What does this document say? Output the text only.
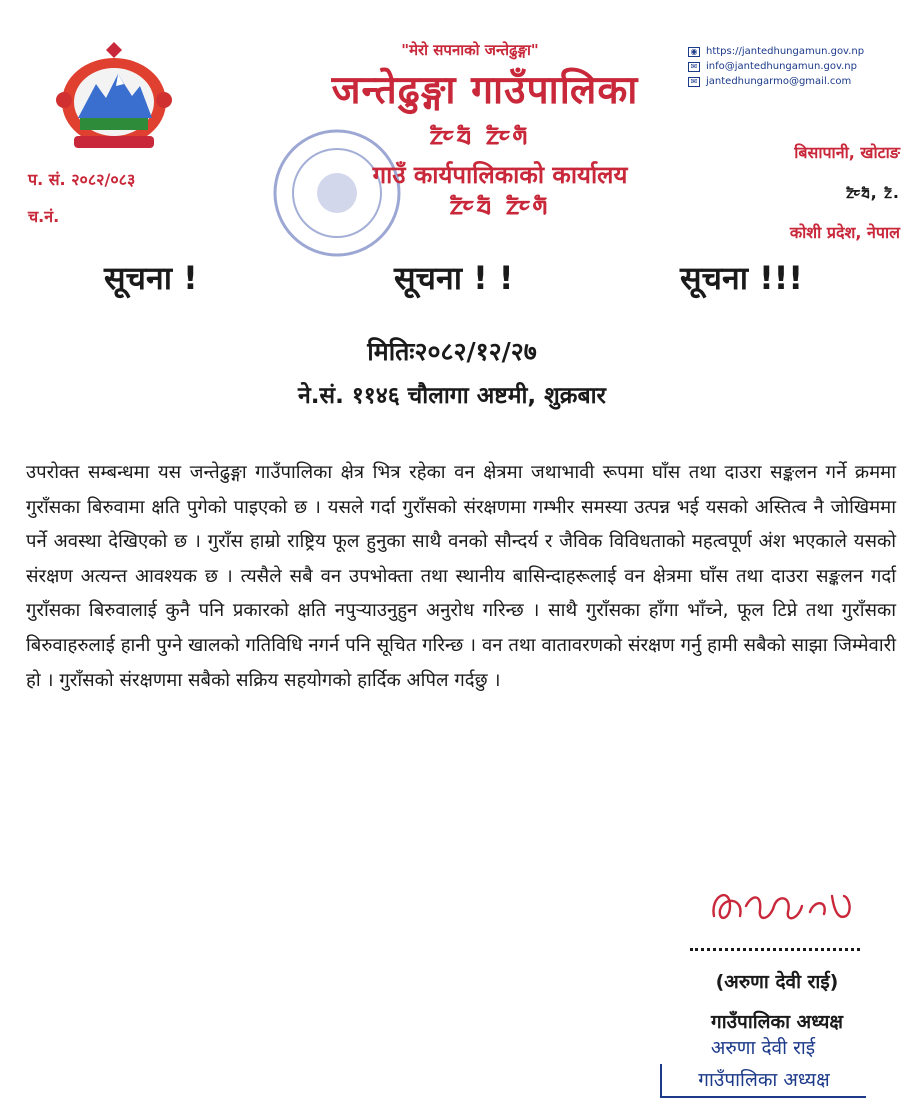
"मेरो सपनाको जन्तेढुङ्गा"
जन्तेढुङ्गा गाउँपालिका
ᤁᤠᤰᤔᤠ ᤁᤠᤰᤛᤠ
गाउँ कार्यपालिकाको कार्यालय
ᤁᤠᤰᤔᤠ ᤁᤠᤰᤛᤠ
◉ https://jantedhungamun.gov.np
✉ info@jantedhungamun.gov.np
✉ jantedhungarmo@gmail.com
बिसापानी, खोटाङ
ᤁᤠᤰᤔᤠ, ᤁᤠ.
कोशी प्रदेश, नेपाल
प. सं. २०८२/०८३
च.नं.
सूचना !	सूचना ! !	सूचना !!!
मितिः२०८२/१२/२७
ने.सं. ११४६ चौलागा अष्टमी, शुक्रबार
उपरोक्त सम्बन्धमा यस जन्तेढुङ्गा गाउँपालिका क्षेत्र भित्र रहेका वन क्षेत्रमा जथाभावी रूपमा घाँस तथा दाउरा सङ्कलन गर्ने क्रममा गुराँसका बिरुवामा क्षति पुगेको पाइएको छ । यसले गर्दा गुराँसको संरक्षणमा गम्भीर समस्या उत्पन्न भई यसको अस्तित्व नै जोखिममा पर्ने अवस्था देखिएको छ । गुराँस हाम्रो राष्ट्रिय फूल हुनुका साथै वनको सौन्दर्य र जैविक विविधताको महत्वपूर्ण अंश भएकाले यसको संरक्षण अत्यन्त आवश्यक छ । त्यसैले सबै वन उपभोक्ता तथा स्थानीय बासिन्दाहरूलाई वन क्षेत्रमा घाँस तथा दाउरा सङ्कलन गर्दा गुराँसका बिरुवालाई कुनै पनि प्रकारको क्षति नपुर्‍याउनुहुन अनुरोध गरिन्छ । साथै गुराँसका हाँगा भाँच्ने, फूल टिप्ने तथा गुराँसका बिरुवाहरुलाई हानी पुग्ने खालको गतिविधि नगर्न पनि सूचित गरिन्छ । वन तथा वातावरणको संरक्षण गर्नु हामी सबैको साझा जिम्मेवारी हो । गुराँसको संरक्षणमा सबैको सक्रिय सहयोगको हार्दिक अपिल गर्दछु ।
(अरुणा देवी राई)
गाउँपालिका अध्यक्ष
अरुणा देवी राई
गाउँपालिका अध्यक्ष
